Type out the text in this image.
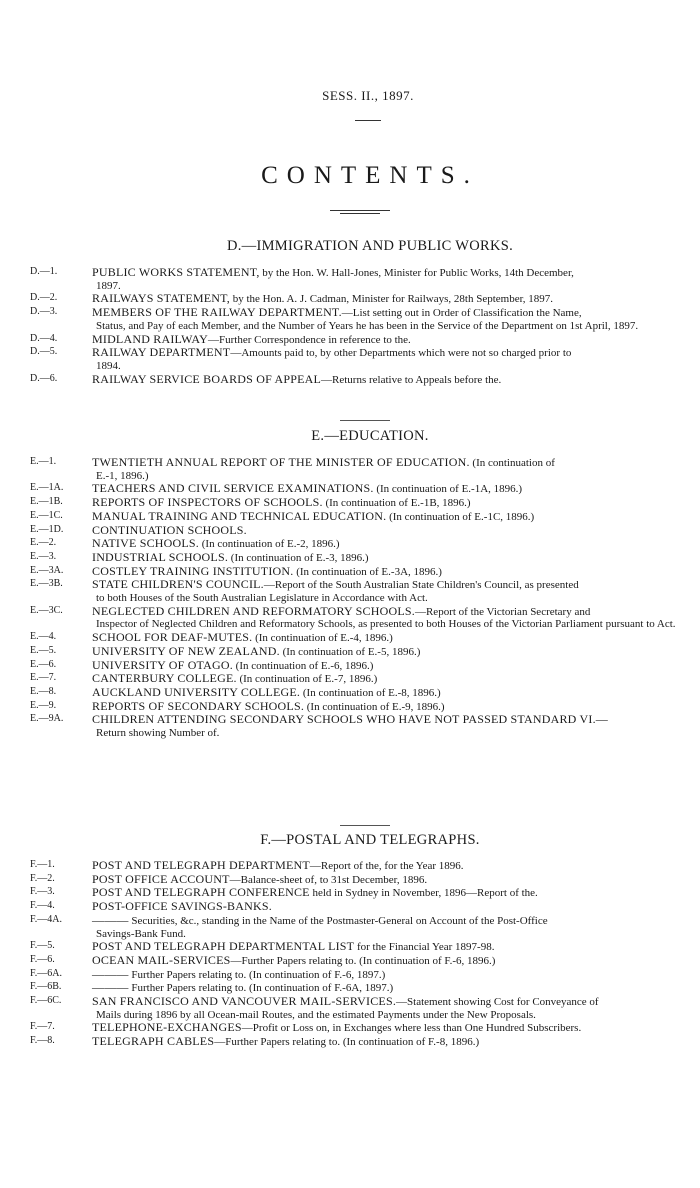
SESS. II., 1897.
CONTENTS.
D.—IMMIGRATION AND PUBLIC WORKS.
D.—1.	PUBLIC WORKS STATEMENT, by the Hon. W. Hall-Jones, Minister for Public Works, 14th December,
1897.
D.—2.	RAILWAYS STATEMENT, by the Hon. A. J. Cadman, Minister for Railways, 28th September, 1897.
D.—3.	MEMBERS OF THE RAILWAY DEPARTMENT.—List setting out in Order of Classification the Name,
Status, and Pay of each Member, and the Number of Years he has been in the Service of the Department on 1st April, 1897.
D.—4.	MIDLAND RAILWAY—Further Correspondence in reference to the.
D.—5.	RAILWAY DEPARTMENT—Amounts paid to, by other Departments which were not so charged prior to
1894.
D.—6.	RAILWAY SERVICE BOARDS OF APPEAL—Returns relative to Appeals before the.
E.—EDUCATION.
E.—1.	TWENTIETH ANNUAL REPORT OF THE MINISTER OF EDUCATION. (In continuation of
E.-1, 1896.)
E.—1A.	TEACHERS AND CIVIL SERVICE EXAMINATIONS. (In continuation of E.-1A, 1896.)
E.—1B.	REPORTS OF INSPECTORS OF SCHOOLS. (In continuation of E.-1B, 1896.)
E.—1C.	MANUAL TRAINING AND TECHNICAL EDUCATION. (In continuation of E.-1C, 1896.)
E.—1D.	CONTINUATION SCHOOLS.
E.—2.	NATIVE SCHOOLS. (In continuation of E.-2, 1896.)
E.—3.	INDUSTRIAL SCHOOLS. (In continuation of E.-3, 1896.)
E.—3A.	COSTLEY TRAINING INSTITUTION. (In continuation of E.-3A, 1896.)
E.—3B.	STATE CHILDREN'S COUNCIL.—Report of the South Australian State Children's Council, as presented
to both Houses of the South Australian Legislature in Accordance with Act.
E.—3C.	NEGLECTED CHILDREN AND REFORMATORY SCHOOLS.—Report of the Victorian Secretary and
Inspector of Neglected Children and Reformatory Schools, as presented to both Houses of the Victorian Parliament pursuant to Act.
E.—4.	SCHOOL FOR DEAF-MUTES. (In continuation of E.-4, 1896.)
E.—5.	UNIVERSITY OF NEW ZEALAND. (In continuation of E.-5, 1896.)
E.—6.	UNIVERSITY OF OTAGO. (In continuation of E.-6, 1896.)
E.—7.	CANTERBURY COLLEGE. (In continuation of E.-7, 1896.)
E.—8.	AUCKLAND UNIVERSITY COLLEGE. (In continuation of E.-8, 1896.)
E.—9.	REPORTS OF SECONDARY SCHOOLS. (In continuation of E.-9, 1896.)
E.—9A.	CHILDREN ATTENDING SECONDARY SCHOOLS WHO HAVE NOT PASSED STANDARD VI.—
Return showing Number of.
F.—POSTAL AND TELEGRAPHS.
F.—1.	POST AND TELEGRAPH DEPARTMENT—Report of the, for the Year 1896.
F.—2.	POST OFFICE ACCOUNT—Balance-sheet of, to 31st December, 1896.
F.—3.	POST AND TELEGRAPH CONFERENCE held in Sydney in November, 1896—Report of the.
F.—4.	POST-OFFICE SAVINGS-BANKS.
F.—4A.	——— Securities, &c., standing in the Name of the Postmaster-General on Account of the Post-Office
Savings-Bank Fund.
F.—5.	POST AND TELEGRAPH DEPARTMENTAL LIST for the Financial Year 1897-98.
F.—6.	OCEAN MAIL-SERVICES—Further Papers relating to. (In continuation of F.-6, 1896.)
F.—6A.	——— Further Papers relating to. (In continuation of F.-6, 1897.)
F.—6B.	——— Further Papers relating to. (In continuation of F.-6A, 1897.)
F.—6C.	SAN FRANCISCO AND VANCOUVER MAIL-SERVICES.—Statement showing Cost for Conveyance of
Mails during 1896 by all Ocean-mail Routes, and the estimated Payments under the New Proposals.
F.—7.	TELEPHONE-EXCHANGES—Profit or Loss on, in Exchanges where less than One Hundred Subscribers.
F.—8.	TELEGRAPH CABLES—Further Papers relating to. (In continuation of F.-8, 1896.)
